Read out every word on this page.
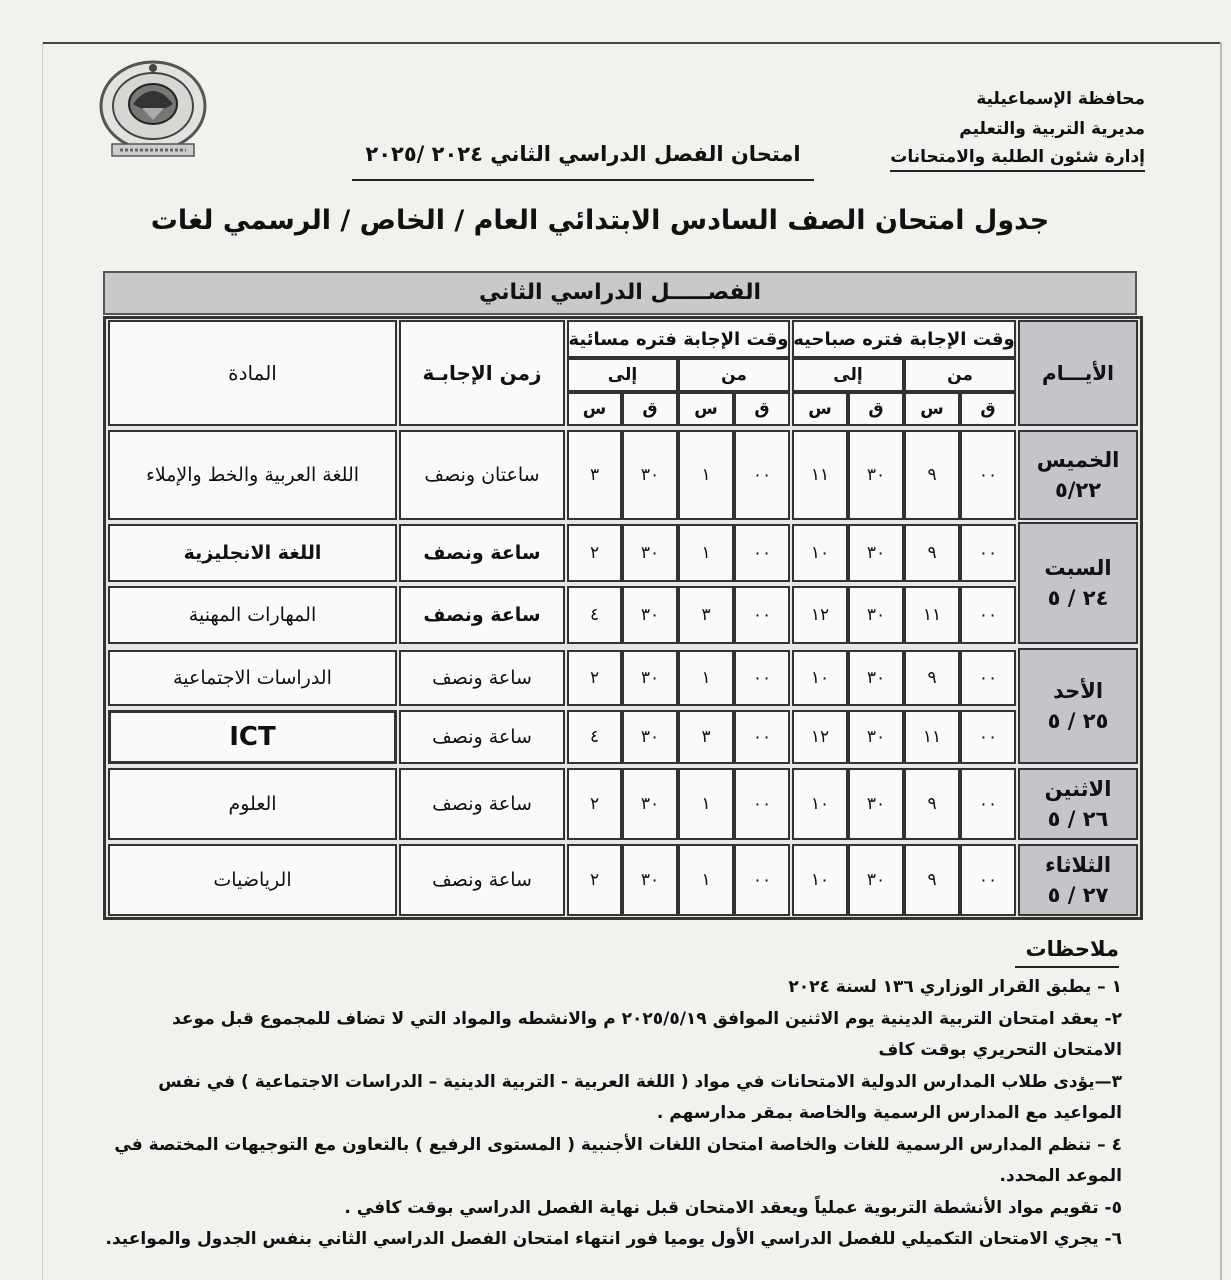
محافظة الإسماعيلية
مديرية التربية والتعليم
إدارة شئون الطلبة والامتحانات
امتحان الفصل الدراسي الثاني ٢٠٢٤ /٢٠٢٥
جدول امتحان الصف السادس الابتدائي العام / الخاص / الرسمي لغات
الفصـــــل الدراسي الثاني
الأيـــام
وقت الإجابة فتره صباحيه
من
إلى
ق
س
ق
س
وقت الإجابة فتره مسائية
من
إلى
ق
س
ق
س
زمن الإجابـة
المادة
الخميس
٥/٢٢
السبت
٢٤ / ٥
الأحد
٢٥ / ٥
الاثنين
٢٦ / ٥
الثلاثاء
٢٧ / ٥
٠٠
٩
٣٠
١١
٠٠
١
٣٠
٣
ساعتان ونصف
اللغة العربية والخط والإملاء
٠٠
٩
٣٠
١٠
٠٠
١
٣٠
٢
ساعة ونصف
اللغة الانجليزية
٠٠
١١
٣٠
١٢
٠٠
٣
٣٠
٤
ساعة ونصف
المهارات المهنية
٠٠
٩
٣٠
١٠
٠٠
١
٣٠
٢
ساعة ونصف
الدراسات الاجتماعية
٠٠
١١
٣٠
١٢
٠٠
٣
٣٠
٤
ساعة ونصف
ICT
٠٠
٩
٣٠
١٠
٠٠
١
٣٠
٢
ساعة ونصف
العلوم
٠٠
٩
٣٠
١٠
٠٠
١
٣٠
٢
ساعة ونصف
الرياضيات
ملاحظات

١ – يطبق القرار الوزاري ١٣٦ لسنة ٢٠٢٤

٢- يعقد امتحان التربية الدينية يوم الاثنين الموافق ٢٠٢٥/٥/١٩ م والانشطه والمواد التي لا تضاف للمجموع قبل موعد الامتحان التحريري بوقت كاف

٣—يؤدى طلاب المدارس الدولية الامتحانات في مواد ( اللغة العربية - التربية الدينية – الدراسات الاجتماعية ) في نفس المواعيد مع المدارس الرسمية والخاصة بمقر مدارسهم .

٤ – تنظم المدارس الرسمية للغات والخاصة امتحان اللغات الأجنبية ( المستوى الرفيع ) بالتعاون مع التوجيهات المختصة في الموعد المحدد.

٥- تقويم مواد الأنشطة التربوية عملياً ويعقد الامتحان قبل نهاية الفصل الدراسي بوقت كافي .

٦- يجري الامتحان التكميلي للفصل الدراسي الأول يوميا فور انتهاء امتحان الفصل الدراسي الثاني بنفس الجدول والمواعيد.
